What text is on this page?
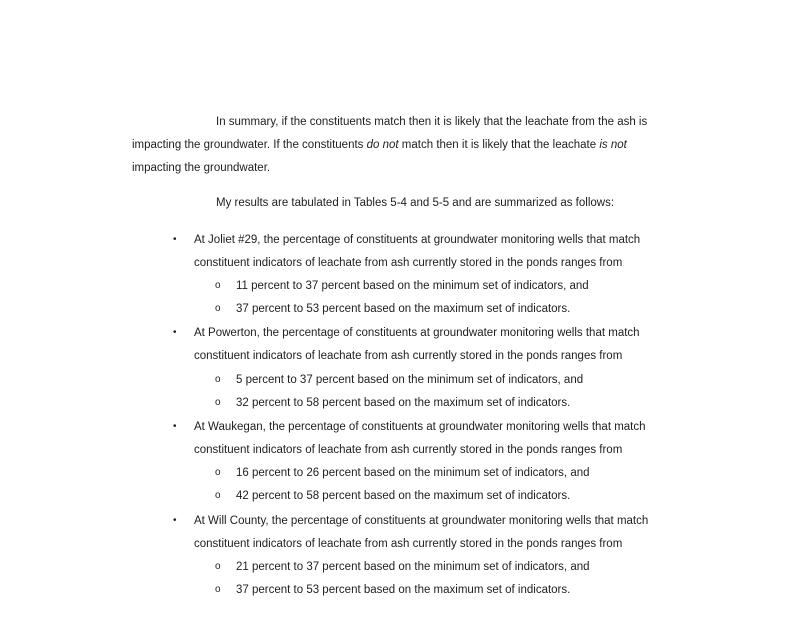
In summary, if the constituents match then it is likely that the leachate from the ash is
impacting the groundwater. If the constituents do not match then it is likely that the leachate is not
impacting the groundwater.
My results are tabulated in Tables 5-4 and 5-5 and are summarized as follows:
• At Joliet #29, the percentage of constituents at groundwater monitoring wells that match
constituent indicators of leachate from ash currently stored in the ponds ranges from
o 11 percent to 37 percent based on the minimum set of indicators, and
o 37 percent to 53 percent based on the maximum set of indicators.
• At Powerton, the percentage of constituents at groundwater monitoring wells that match
constituent indicators of leachate from ash currently stored in the ponds ranges from
o 5 percent to 37 percent based on the minimum set of indicators, and
o 32 percent to 58 percent based on the maximum set of indicators.
• At Waukegan, the percentage of constituents at groundwater monitoring wells that match
constituent indicators of leachate from ash currently stored in the ponds ranges from
o 16 percent to 26 percent based on the minimum set of indicators, and
o 42 percent to 58 percent based on the maximum set of indicators.
• At Will County, the percentage of constituents at groundwater monitoring wells that match
constituent indicators of leachate from ash currently stored in the ponds ranges from
o 21 percent to 37 percent based on the minimum set of indicators, and
o 37 percent to 53 percent based on the maximum set of indicators.
